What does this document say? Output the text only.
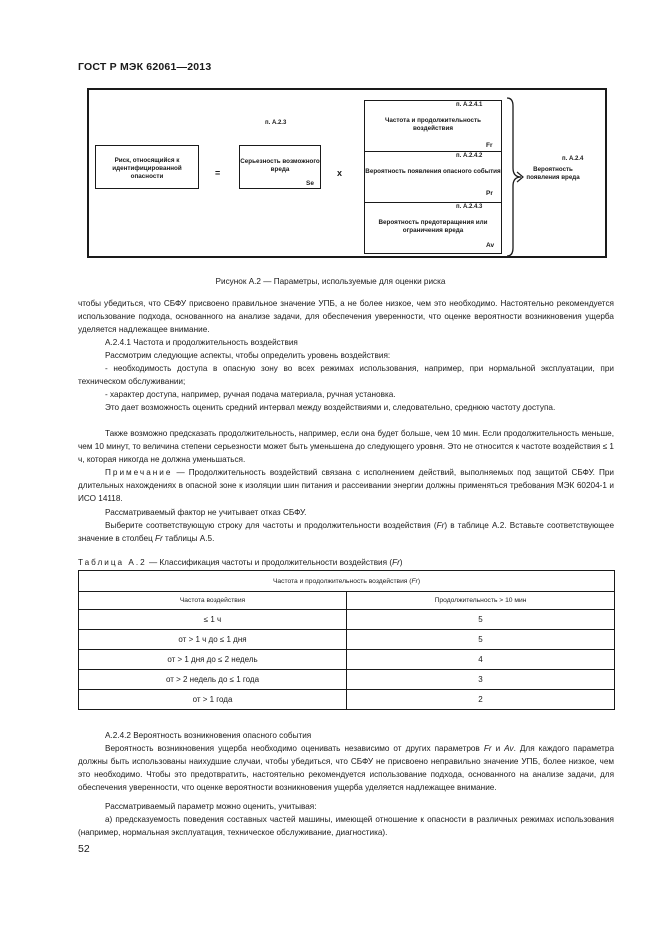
ГОСТ Р МЭК 62061—2013
Риск, относящийся к идентифицированной опасности	=
п. A.2.3
Серьезность возможного вреда
Se
x
Частота и продолжительность воздействия
п. A.2.4.1
Fr
Вероятность появления опасного события
п. A.2.4.2
Pr
Вероятность предотвращения или ограничения вреда
п. A.2.4.3
Av
п. A.2.4
Вероятность появления вреда
Рисунок А.2 — Параметры, используемые для оценки риска
чтобы убедиться, что СБФУ присвоено правильное значение УПБ, а не более низкое, чем это необходимо. Настоятельно рекомендуется использование подхода, основанного на анализе задачи, для обеспечения уверенности, что оценке вероятности возникновения ущерба уделяется надлежащее внимание.
А.2.4.1 Частота и продолжительность воздействия
Рассмотрим следующие аспекты, чтобы определить уровень воздействия:
- необходимость доступа в опасную зону во всех режимах использования, например, при нормальной эксплуатации, при техническом обслуживании;
- характер доступа, например, ручная подача материала, ручная установка.
Это дает возможность оценить средний интервал между воздействиями и, следовательно, среднюю частоту доступа.
Также возможно предсказать продолжительность, например, если она будет больше, чем 10 мин. Если продолжительность меньше, чем 10 минут, то величина степени серьезности может быть уменьшена до следующего уровня. Это не относится к частоте воздействия ≤ 1 ч, которая никогда не должна уменьшаться.
Примечание — Продолжительность воздействий связана с исполнением действий, выполняемых под защитой СБФУ. При длительных нахождениях в опасной зоне к изоляции шин питания и рассеивании энергии должны применяться требования МЭК 60204-1 и ИСО 14118.
Рассматриваемый фактор не учитывает отказ СБФУ.
Выберите соответствующую строку для частоты и продолжительности воздействия (Fr) в таблице А.2. Вставьте соответствующее значение в столбец Fr таблицы А.5.
Таблица А.2 — Классификация частоты и продолжительности воздействия (Fr)
Частота и продолжительность воздействия (Fr)	
Частота воздействия	Продолжительность > 10 мин
≤ 1 ч	5
от > 1 ч до ≤ 1 дня	5
от > 1 дня до ≤ 2 недель	4
от > 2 недель до ≤ 1 года	3
от > 1 года	2
А.2.4.2 Вероятность возникновения опасного события
Вероятность возникновения ущерба необходимо оценивать независимо от других параметров Fr и Av. Для каждого параметра должны быть использованы наихудшие случаи, чтобы убедиться, что СБФУ не присвоено неправильно значение УПБ, более низкое, чем это необходимо. Чтобы это предотвратить, настоятельно рекомендуется использование подхода, основанного на анализе задачи, для обеспечения уверенности, что оценке вероятности возникновения ущерба уделяется надлежащее внимание.
Рассматриваемый параметр можно оценить, учитывая:
а) предсказуемость поведения составных частей машины, имеющей отношение к опасности в различных режимах использования (например, нормальная эксплуатация, техническое обслуживание, диагностика).
52
